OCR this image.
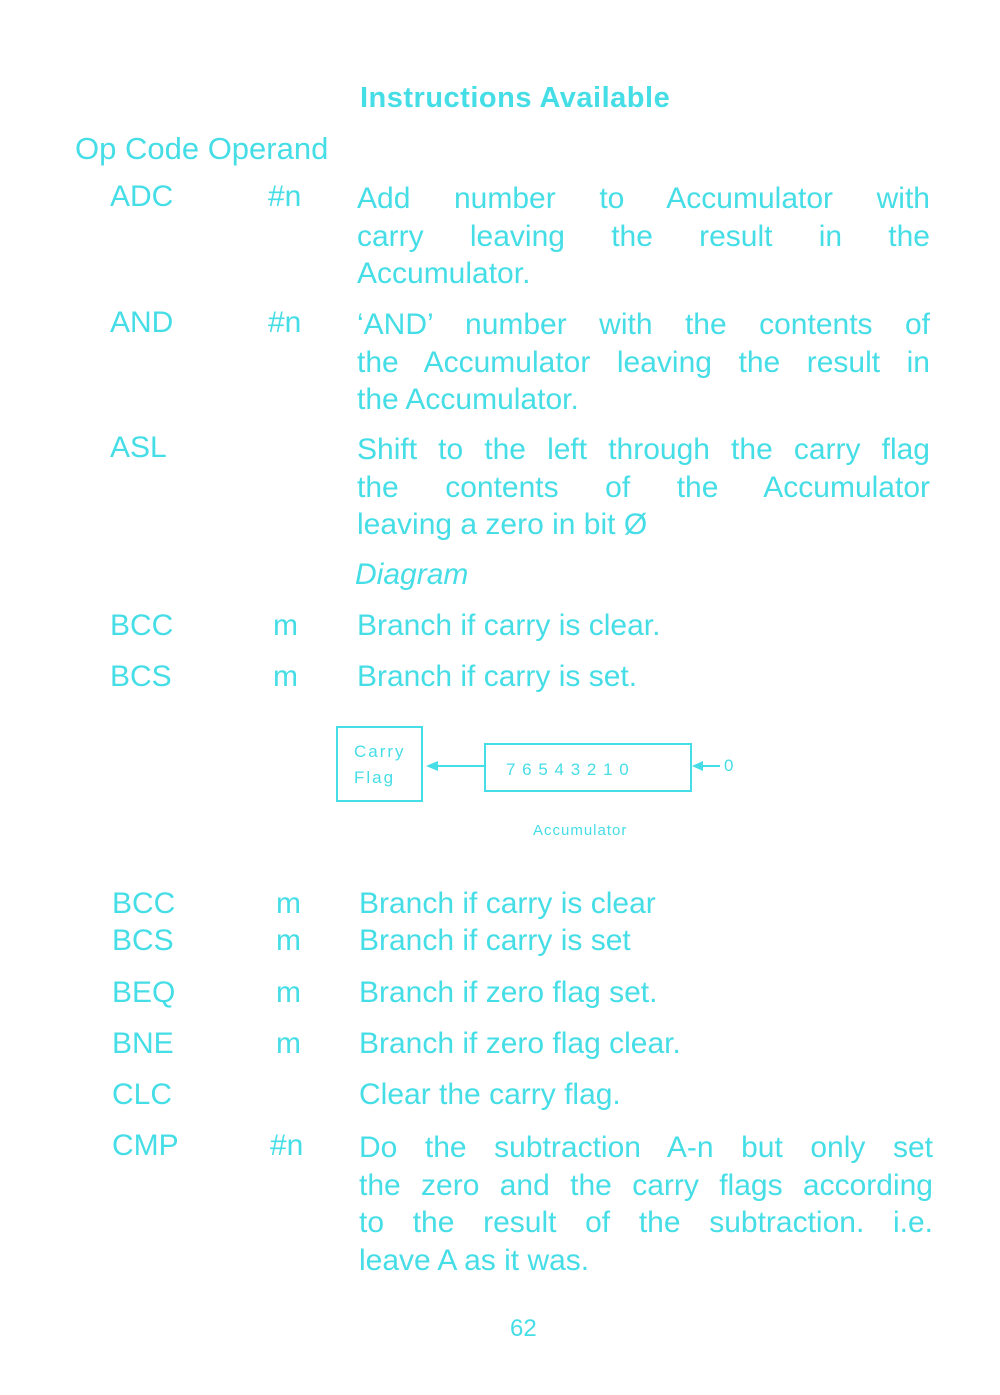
Instructions Available
Op Code Operand
ADC	#n Add number to Accumulator with
carry leaving the result in the
Accumulator.
AND	#n ‘AND’ number with the contents of
the Accumulator leaving the result in
the Accumulator.
ASL	Shift to the left through the carry flag
the contents of the Accumulator
leaving a zero in bit Ø
Diagram
BCC	m Branch if carry is clear.
BCS	m Branch if carry is set.
Carry
Flag	7 6 5 4 3 2 1 0	0
Accumulator
BCC	m Branch if carry is clear
BCS	m Branch if carry is set
BEQ	m Branch if zero flag set.
BNE	m Branch if zero flag clear.
CLC	Clear the carry flag.
CMP	#n Do the subtraction A-n but only set
the zero and the carry flags according
to the result of the subtraction. i.e.
leave A as it was.
62
